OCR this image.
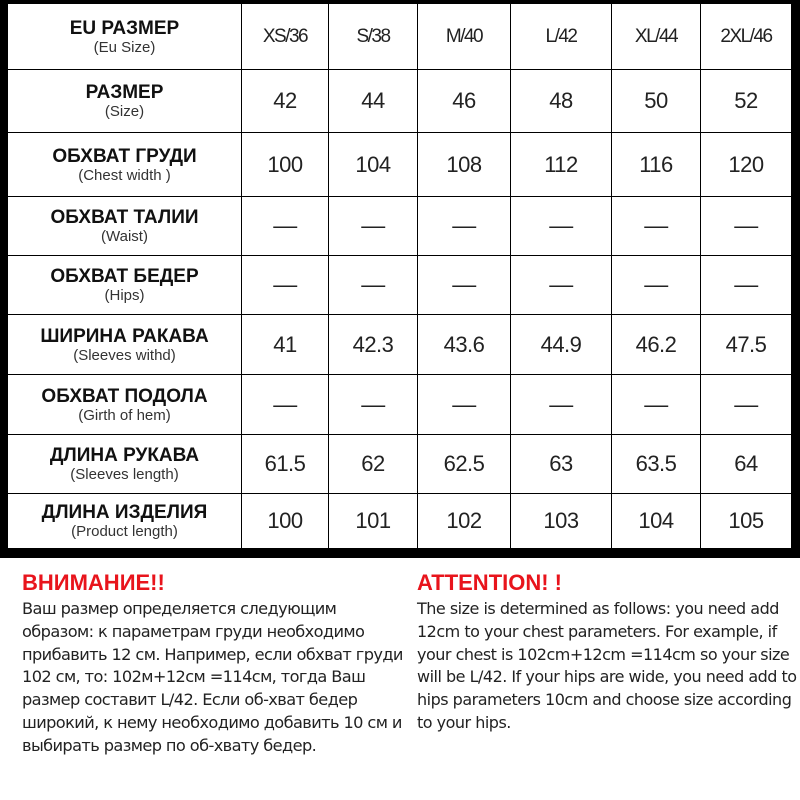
EU РАЗМЕР
(Eu Size)	XS/36	S/38	M/40	L/42	XL/44	2XL/46

РАЗМЕР
(Size)	42	44	46	48	50	52

ОБХВАТ ГРУДИ
(Chest width )	100	104	108	112	116	120

ОБХВАТ ТАЛИИ
(Waist)	––	––	––	––	––	––

ОБХВАТ БЕДЕР
(Hips)	––	––	––	––	––	––

ШИРИНА РАКАВА
(Sleeves withd)	41	42.3	43.6	44.9	46.2	47.5

ОБХВАТ ПОДОЛА
(Girth of hem)	––	––	––	––	––	––

ДЛИНА РУКАВА
(Sleeves length)	61.5	62	62.5	63	63.5	64

ДЛИНА ИЗДЕЛИЯ
(Product length)	100	101	102	103	104	105
ВНИМАНИЕ!!
Ваш размер определяется следующим образом: к параметрам груди необходимо прибавить 12 см. Например, если обхват груди 102 см, то: 102м+12см =114см, тогда Ваш размер составит L/42. Если об-хват бедер широкий, к нему необходимо добавить 10 см и выбирать размер по об-хвату бедер.
ATTENTION! !
The size is determined as follows: you need add 12cm to your chest parameters. For example, if your chest is 102cm+12cm =114cm so your size will be L/42. If your hips are wide, you need add to hips parameters 10cm and choose size according to your hips.
